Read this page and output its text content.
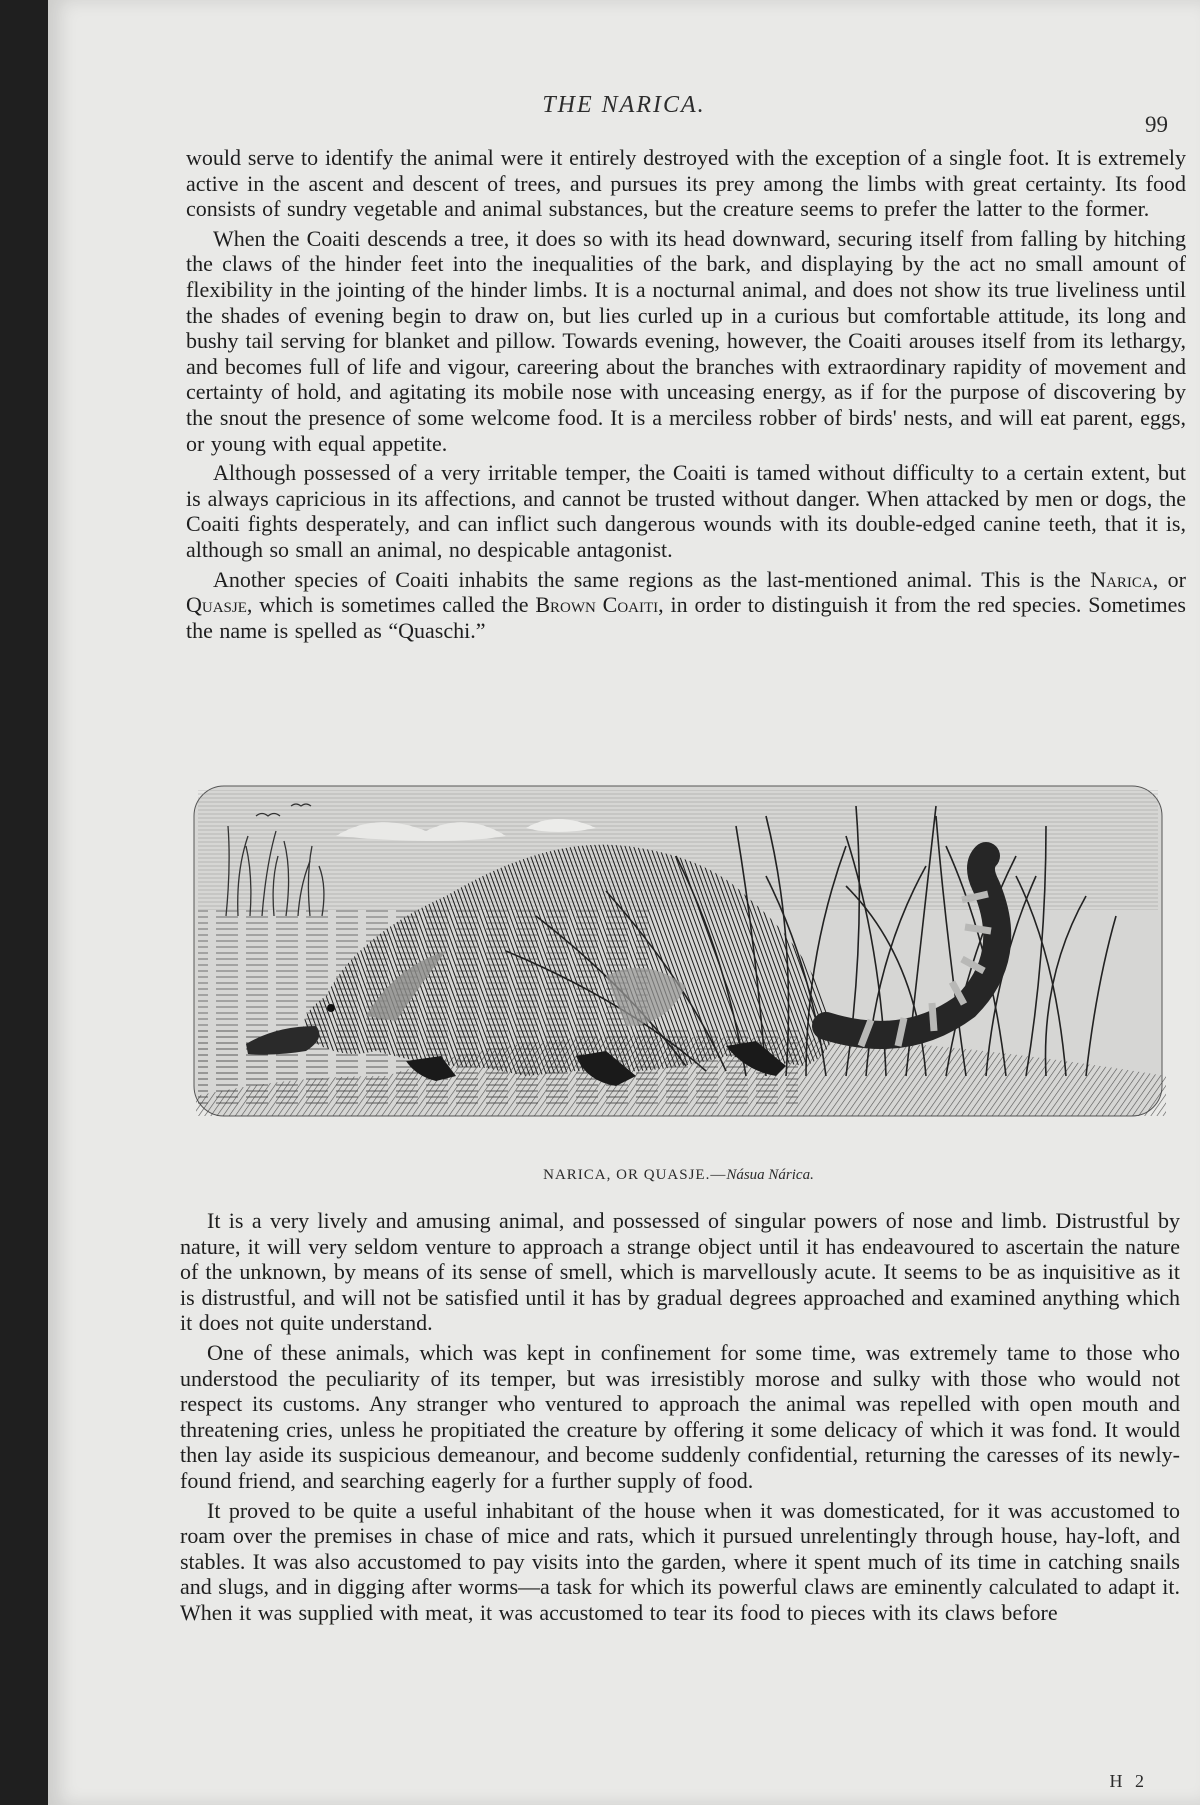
THE NARICA.
99

would serve to identify the animal were it entirely destroyed with the exception of a single foot. It is extremely active in the ascent and descent of trees, and pursues its prey among the limbs with great certainty. Its food consists of sundry vegetable and animal substances, but the creature seems to prefer the latter to the former.

When the Coaiti descends a tree, it does so with its head downward, securing itself from falling by hitching the claws of the hinder feet into the inequalities of the bark, and displaying by the act no small amount of flexibility in the jointing of the hinder limbs. It is a nocturnal animal, and does not show its true liveliness until the shades of evening begin to draw on, but lies curled up in a curious but comfortable attitude, its long and bushy tail serving for blanket and pillow. Towards evening, however, the Coaiti arouses itself from its lethargy, and becomes full of life and vigour, careering about the branches with extraordinary rapidity of movement and certainty of hold, and agitating its mobile nose with unceasing energy, as if for the purpose of discovering by the snout the presence of some welcome food. It is a merciless robber of birds' nests, and will eat parent, eggs, or young with equal appetite.

Although possessed of a very irritable temper, the Coaiti is tamed without difficulty to a certain extent, but is always capricious in its affections, and cannot be trusted without danger. When attacked by men or dogs, the Coaiti fights desperately, and can inflict such dangerous wounds with its double-edged canine teeth, that it is, although so small an animal, no despicable antagonist.

Another species of Coaiti inhabits the same regions as the last-mentioned animal. This is the Narica, or Quasje, which is sometimes called the Brown Coaiti, in order to distinguish it from the red species. Sometimes the name is spelled as “Quaschi.”

NARICA, OR QUASJE.—Násua Nárica.

It is a very lively and amusing animal, and possessed of singular powers of nose and limb. Distrustful by nature, it will very seldom venture to approach a strange object until it has endeavoured to ascertain the nature of the unknown, by means of its sense of smell, which is marvellously acute. It seems to be as inquisitive as it is distrustful, and will not be satisfied until it has by gradual degrees approached and examined anything which it does not quite understand.

One of these animals, which was kept in confinement for some time, was extremely tame to those who understood the peculiarity of its temper, but was irresistibly morose and sulky with those who would not respect its customs. Any stranger who ventured to approach the animal was repelled with open mouth and threatening cries, unless he propitiated the creature by offering it some delicacy of which it was fond. It would then lay aside its suspicious demeanour, and become suddenly confidential, returning the caresses of its newly-found friend, and searching eagerly for a further supply of food.

It proved to be quite a useful inhabitant of the house when it was domesticated, for it was accustomed to roam over the premises in chase of mice and rats, which it pursued unrelentingly through house, hay-loft, and stables. It was also accustomed to pay visits into the garden, where it spent much of its time in catching snails and slugs, and in digging after worms—a task for which its powerful claws are eminently calculated to adapt it. When it was supplied with meat, it was accustomed to tear its food to pieces with its claws before

H 2
